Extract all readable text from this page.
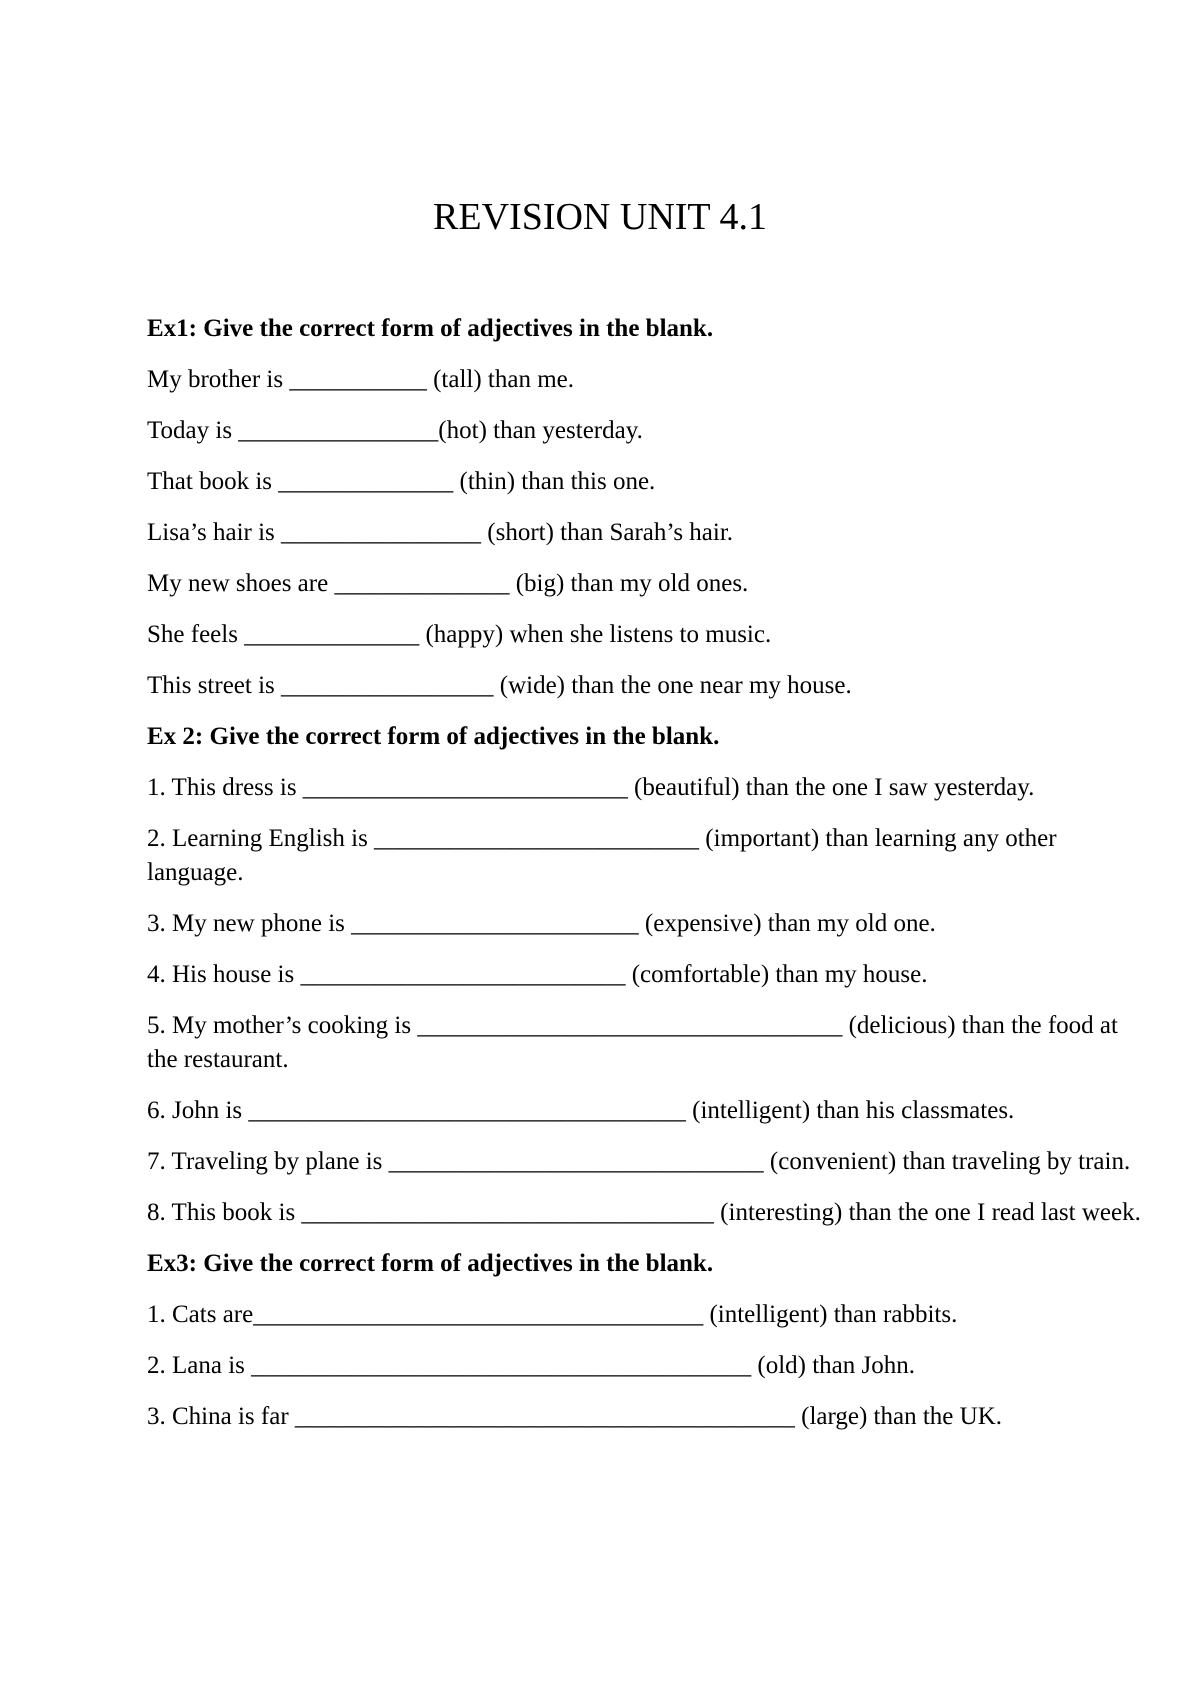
REVISION UNIT 4.1
Ex1: Give the correct form of adjectives in the blank.
My brother is ___________ (tall) than me.
Today is ________________(hot) than yesterday.
That book is ______________ (thin) than this one.
Lisa’s hair is ________________ (short) than Sarah’s hair.
My new shoes are ______________ (big) than my old ones.
She feels ______________ (happy) when she listens to music.
This street is _________________ (wide) than the one near my house.
Ex 2: Give the correct form of adjectives in the blank.
1. This dress is __________________________ (beautiful) than the one I saw yesterday.
2. Learning English is __________________________ (important) than learning any other language.
3. My new phone is _______________________ (expensive) than my old one.
4. His house is __________________________ (comfortable) than my house.
5. My mother’s cooking is __________________________________ (delicious) than the food at the restaurant.
6. John is ___________________________________ (intelligent) than his classmates.
7. Traveling by plane is ______________________________ (convenient) than traveling by train.
8. This book is _________________________________ (interesting) than the one I read last week.
Ex3: Give the correct form of adjectives in the blank.
1. Cats are____________________________________ (intelligent) than rabbits.
2. Lana is ________________________________________ (old) than John.
3. China is far ________________________________________ (large) than the UK.
